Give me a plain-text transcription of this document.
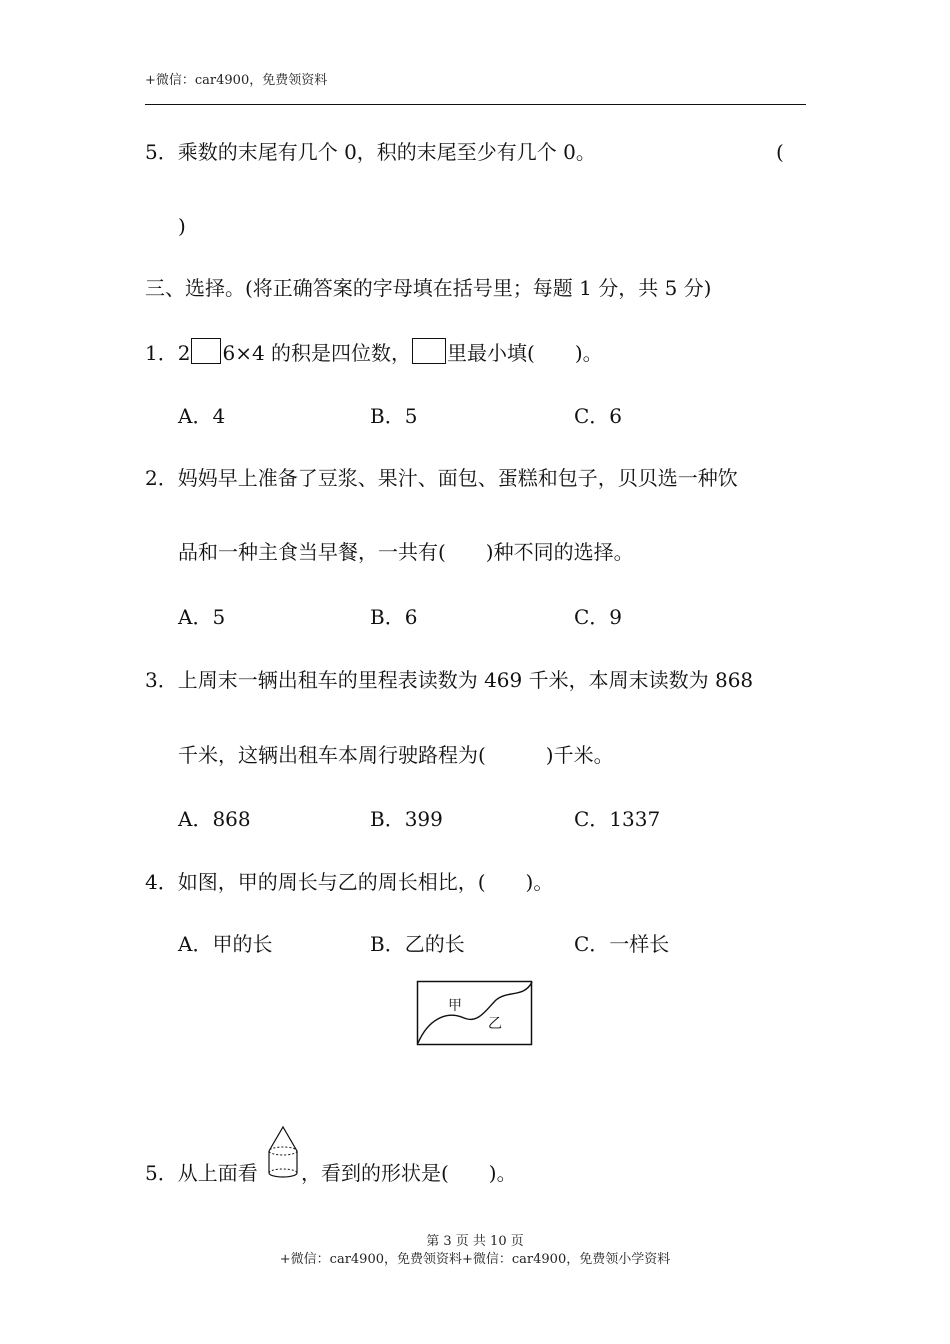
+微信：car4900，免费领资料
5．乘数的末尾有几个 0，积的末尾至少有几个 0。	(
)
三、选择。(将正确答案的字母填在括号里；每题 1 分，共 5 分)
1．2 6×4 的积是四位数， 里最小填(　　)。
A．4	B．5	C．6
2．妈妈早上准备了豆浆、果汁、面包、蛋糕和包子，贝贝选一种饮
品和一种主食当早餐，一共有(　　)种不同的选择。
A．5	B．6	C．9
3．上周末一辆出租车的里程表读数为 469 千米，本周末读数为 868
千米，这辆出租车本周行驶路程为(　　　)千米。
A．868	B．399	C．1337
4．如图，甲的周长与乙的周长相比，(　　)。
A．甲的长	B．乙的长	C．一样长
甲
乙
5．从上面看 ，看到的形状是(　　)。
第 3 页 共 10 页
+微信：car4900，免费领资料+微信：car4900，免费领小学资料
